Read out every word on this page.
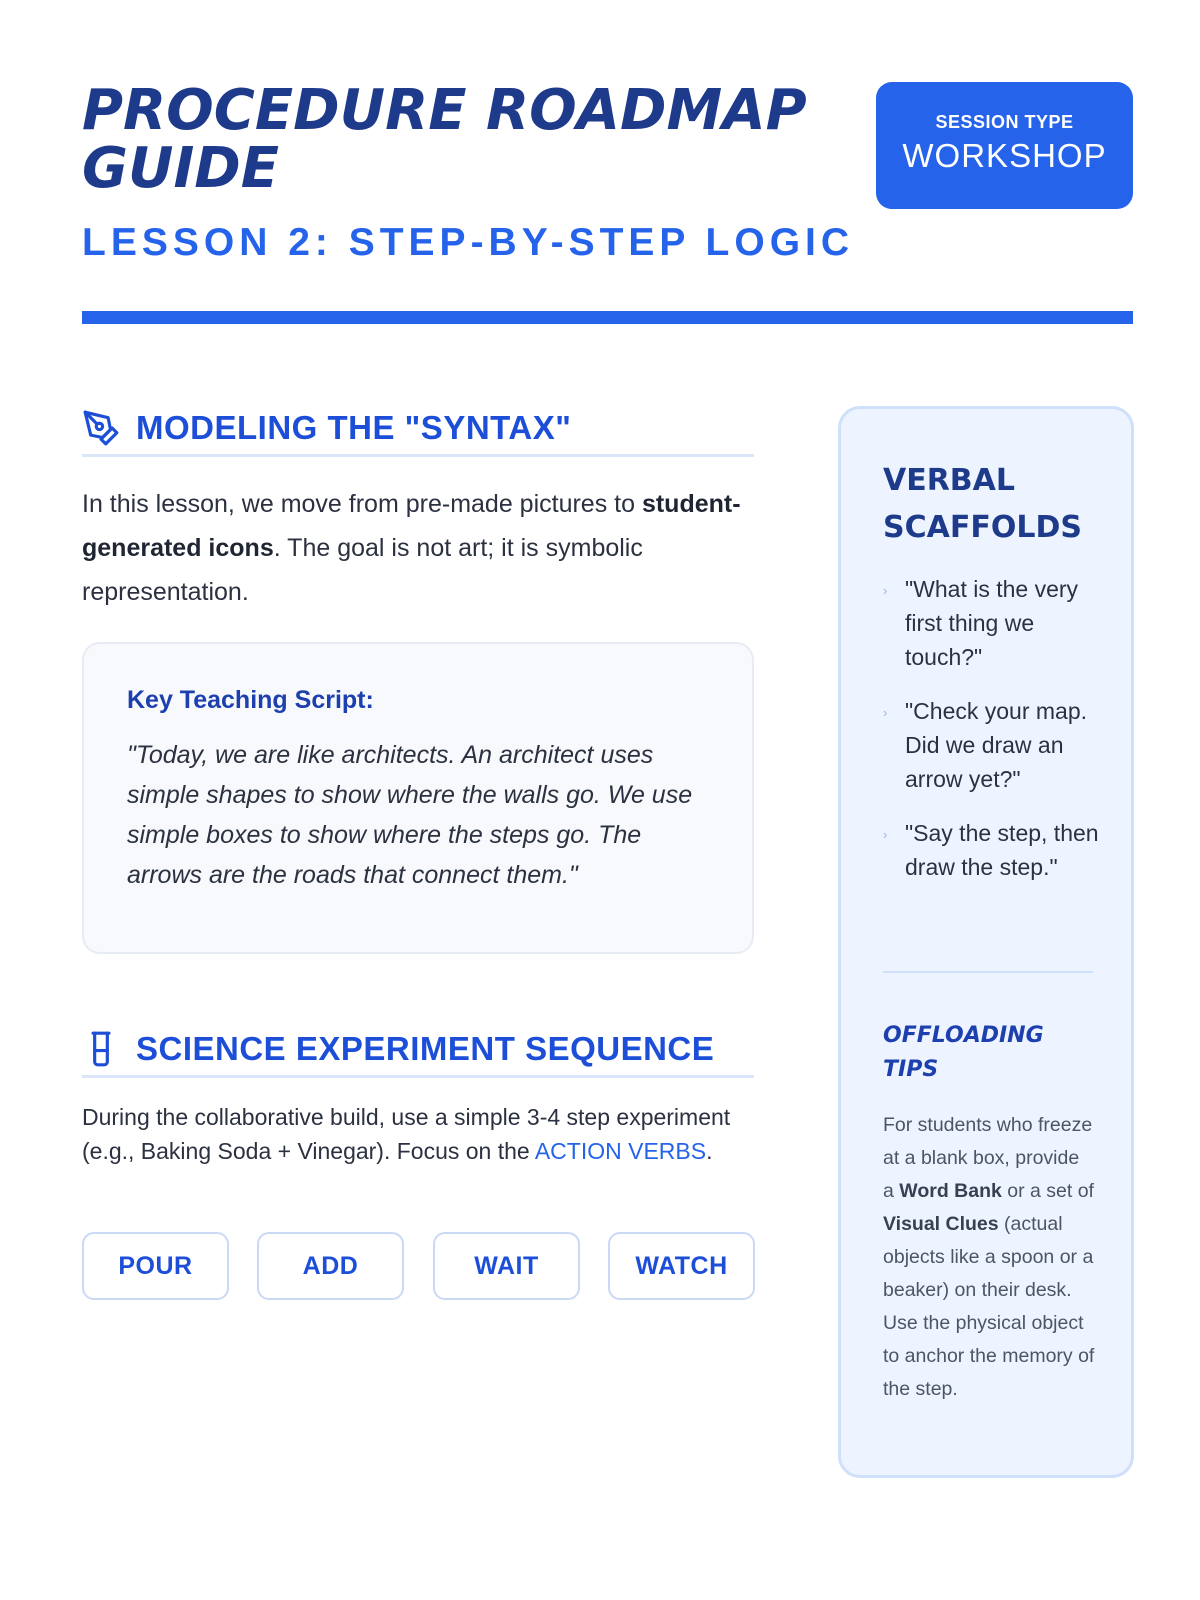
PROCEDURE ROADMAP GUIDE
LESSON 2: STEP-BY-STEP LOGIC
SESSION TYPE
WORKSHOP
MODELING THE "SYNTAX"

In this lesson, we move from pre-made pictures to student-generated icons. The goal is not art; it is symbolic representation.

Key Teaching Script:

"Today, we are like architects. An architect uses simple shapes to show where the walls go. We use simple boxes to show where the steps go. The arrows are the roads that connect them."

SCIENCE EXPERIMENT SEQUENCE

During the collaborative build, use a simple 3-4 step experiment (e.g., Baking Soda + Vinegar). Focus on the ACTION VERBS.

POUR	ADD	WAIT	WATCH
VERBAL SCAFFOLDS
› "What is the very first thing we touch?"
› "Check your map. Did we draw an arrow yet?"
› "Say the step, then draw the step."
OFFLOADING TIPS

For students who freeze at a blank box, provide a Word Bank or a set of Visual Clues (actual objects like a spoon or a beaker) on their desk. Use the physical object to anchor the memory of the step.
